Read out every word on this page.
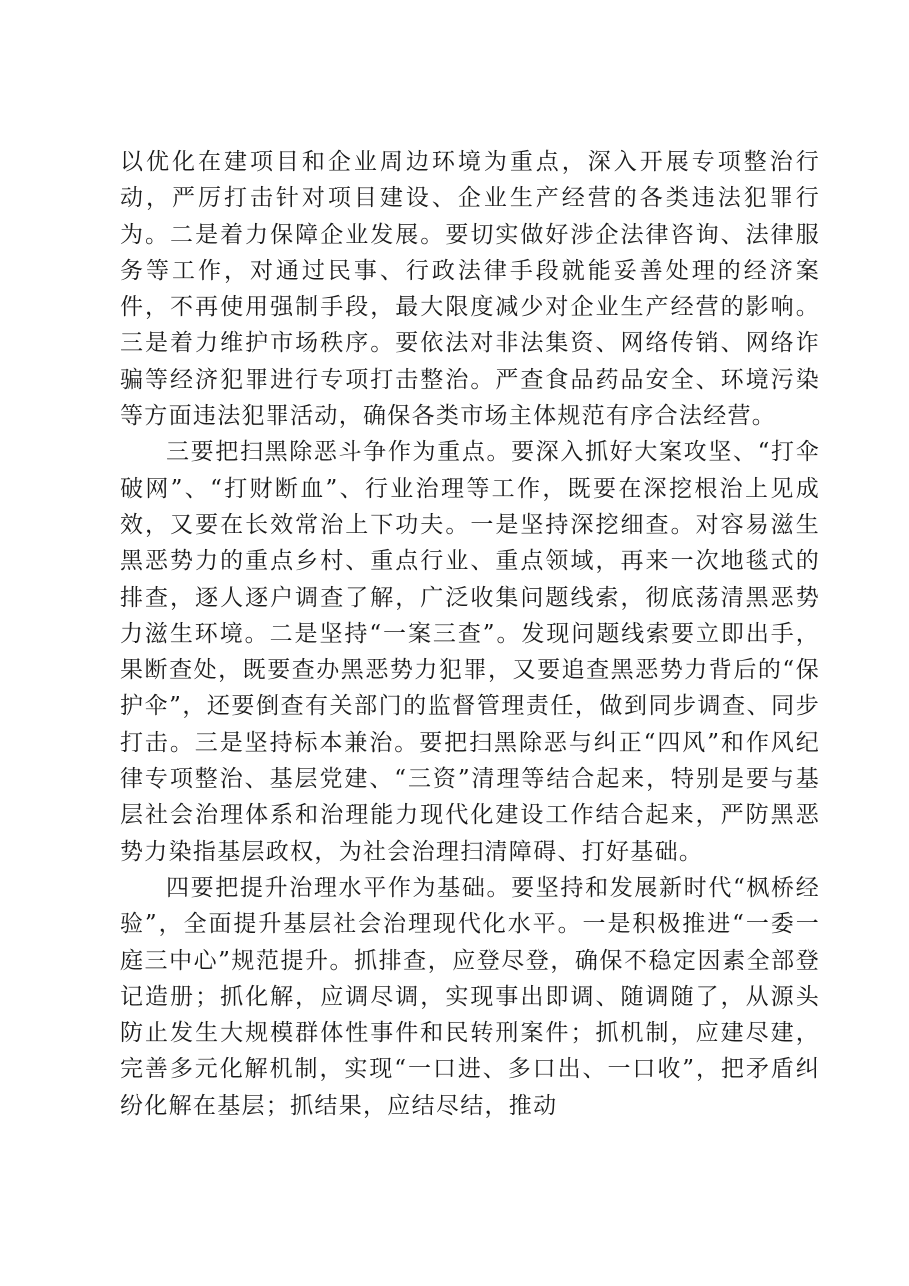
以优化在建项目和企业周边环境为重点，深入开展专项整治行动，严厉打击针对项目建设、企业生产经营的各类违法犯罪行为。二是着力保障企业发展。要切实做好涉企法律咨询、法律服务等工作，对通过民事、行政法律手段就能妥善处理的经济案件，不再使用强制手段，最大限度减少对企业生产经营的影响。三是着力维护市场秩序。要依法对非法集资、网络传销、网络诈骗等经济犯罪进行专项打击整治。严查食品药品安全、环境污染等方面违法犯罪活动，确保各类市场主体规范有序合法经营。

三要把扫黑除恶斗争作为重点。要深入抓好大案攻坚、“打伞破网”、“打财断血”、行业治理等工作，既要在深挖根治上见成效，又要在长效常治上下功夫。一是坚持深挖细查。对容易滋生黑恶势力的重点乡村、重点行业、重点领域，再来一次地毯式的排查，逐人逐户调查了解，广泛收集问题线索，彻底荡清黑恶势力滋生环境。二是坚持“一案三查”。发现问题线索要立即出手，果断查处，既要查办黑恶势力犯罪，又要追查黑恶势力背后的“保护伞”，还要倒查有关部门的监督管理责任，做到同步调查、同步打击。三是坚持标本兼治。要把扫黑除恶与纠正“四风”和作风纪律专项整治、基层党建、“三资”清理等结合起来，特别是要与基层社会治理体系和治理能力现代化建设工作结合起来，严防黑恶势力染指基层政权，为社会治理扫清障碍、打好基础。

四要把提升治理水平作为基础。要坚持和发展新时代“枫桥经验”，全面提升基层社会治理现代化水平。一是积极推进“一委一庭三中心”规范提升。抓排查，应登尽登，确保不稳定因素全部登记造册；抓化解，应调尽调，实现事出即调、随调随了，从源头防止发生大规模群体性事件和民转刑案件；抓机制，应建尽建，完善多元化解机制，实现“一口进、多口出、一口收”，把矛盾纠纷化解在基层；抓结果，应结尽结，推动
